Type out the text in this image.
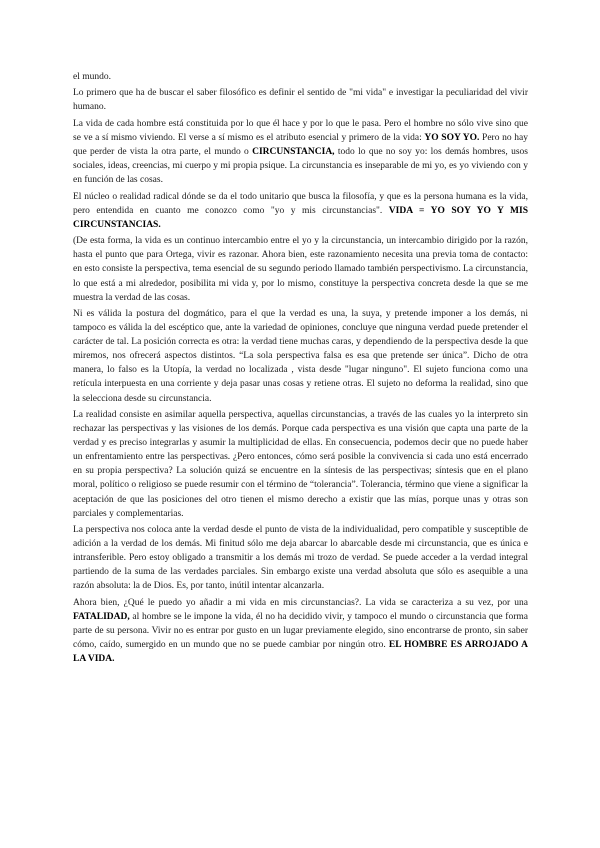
el mundo.

Lo primero que ha de buscar el saber filosófico es definir el sentido de "mi vida" e investigar la peculiaridad del vivir humano.

La vida de cada hombre está constituida por lo que él hace y por lo que le pasa. Pero el hombre no sólo vive sino que se ve a sí mismo viviendo. El verse a sí mismo es el atributo esencial y primero de la vida: YO SOY YO. Pero no hay que perder de vista la otra parte, el mundo o CIRCUNSTANCIA, todo lo que no soy yo: los demás hombres, usos sociales, ideas, creencias, mi cuerpo y mi propia psique. La circunstancia es inseparable de mi yo, es yo viviendo con y en función de las cosas.

El núcleo o realidad radical dónde se da el todo unitario que busca la filosofía, y que es la persona humana es la vida, pero entendida en cuanto me conozco como "yo y mis circunstancias". VIDA = YO SOY YO Y MIS CIRCUNSTANCIAS.

(De esta forma, la vida es un continuo intercambio entre el yo y la circunstancia, un intercambio dirigido por la razón, hasta el punto que para Ortega, vivir es razonar. Ahora bien, este razonamiento necesita una previa toma de contacto: en esto consiste la perspectiva, tema esencial de su segundo periodo llamado también perspectivismo. La circunstancia, lo que está a mi alrededor, posibilita mi vida y, por lo mismo, constituye la perspectiva concreta desde la que se me muestra la verdad de las cosas.

Ni es válida la postura del dogmático, para el que la verdad es una, la suya, y pretende imponer a los demás, ni tampoco es válida la del escéptico que, ante la variedad de opiniones, concluye que ninguna verdad puede pretender el carácter de tal. La posición correcta es otra: la verdad tiene muchas caras, y dependiendo de la perspectiva desde la que miremos, nos ofrecerá aspectos distintos. “La sola perspectiva falsa es esa que pretende ser única”. Dicho de otra manera, lo falso es la Utopía, la verdad no localizada , vista desde "lugar ninguno". El sujeto funciona como una retícula interpuesta en una corriente y deja pasar unas cosas y retiene otras. El sujeto no deforma la realidad, sino que la selecciona desde su circunstancia.

La realidad consiste en asimilar aquella perspectiva, aquellas circunstancias, a través de las cuales yo la interpreto sin rechazar las perspectivas y las visiones de los demás. Porque cada perspectiva es una visión que capta una parte de la verdad y es preciso integrarlas y asumir la multiplicidad de ellas. En consecuencia, podemos decir que no puede haber un enfrentamiento entre las perspectivas. ¿Pero entonces, cómo será posible la convivencia si cada uno está encerrado en su propia perspectiva? La solución quizá se encuentre en la síntesis de las perspectivas; síntesis que en el plano moral, político o religioso se puede resumir con el término de “tolerancia”. Tolerancia, término que viene a significar la aceptación de que las posiciones del otro tienen el mismo derecho a existir que las mías, porque unas y otras son parciales y complementarias.

La perspectiva nos coloca ante la verdad desde el punto de vista de la individualidad, pero compatible y susceptible de adición a la verdad de los demás. Mi finitud sólo me deja abarcar lo abarcable desde mi circunstancia, que es única e intransferible. Pero estoy obligado a transmitir a los demás mi trozo de verdad. Se puede acceder a la verdad integral partiendo de la suma de las verdades parciales. Sin embargo existe una verdad absoluta que sólo es asequible a una razón absoluta: la de Dios. Es, por tanto, inútil intentar alcanzarla.

Ahora bien, ¿Qué le puedo yo añadir a mi vida en mis circunstancias?. La vida se caracteriza a su vez, por una FATALIDAD, al hombre se le impone la vida, él no ha decidido vivir, y tampoco el mundo o circunstancia que forma parte de su persona. Vivir no es entrar por gusto en un lugar previamente elegido, sino encontrarse de pronto, sin saber cómo, caído, sumergido en un mundo que no se puede cambiar por ningún otro. EL HOMBRE ES ARROJADO A LA VIDA.
